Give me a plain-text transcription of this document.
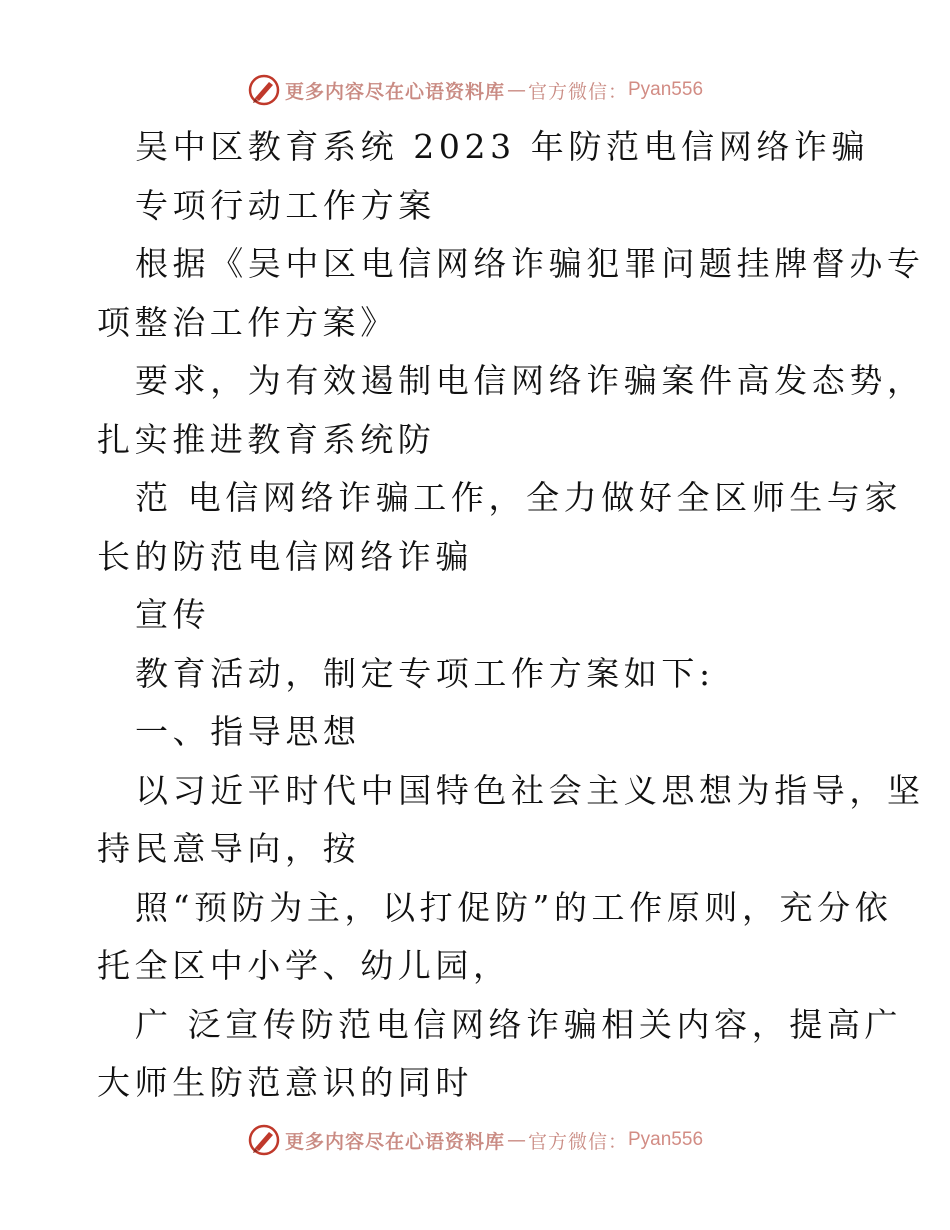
更多内容尽在心语资料库 — 官方微信： Pyan556
吴中区教育系统 2023 年防范电信网络诈骗
专项行动工作方案
根据《吴中区电信网络诈骗犯罪问题挂牌督办专
项整治工作方案》
要求，为有效遏制电信网络诈骗案件高发态势，
扎实推进教育系统防
范 电信网络诈骗工作，全力做好全区师生与家
长的防范电信网络诈骗
宣传
教育活动，制定专项工作方案如下:
一、指导思想
以习近平时代中国特色社会主义思想为指导，坚
持民意导向，按
照“预防为主，以打促防”的工作原则，充分依
托全区中小学、幼儿园，
广 泛宣传防范电信网络诈骗相关内容，提高广
大师生防范意识的同时
更多内容尽在心语资料库 — 官方微信： Pyan556
